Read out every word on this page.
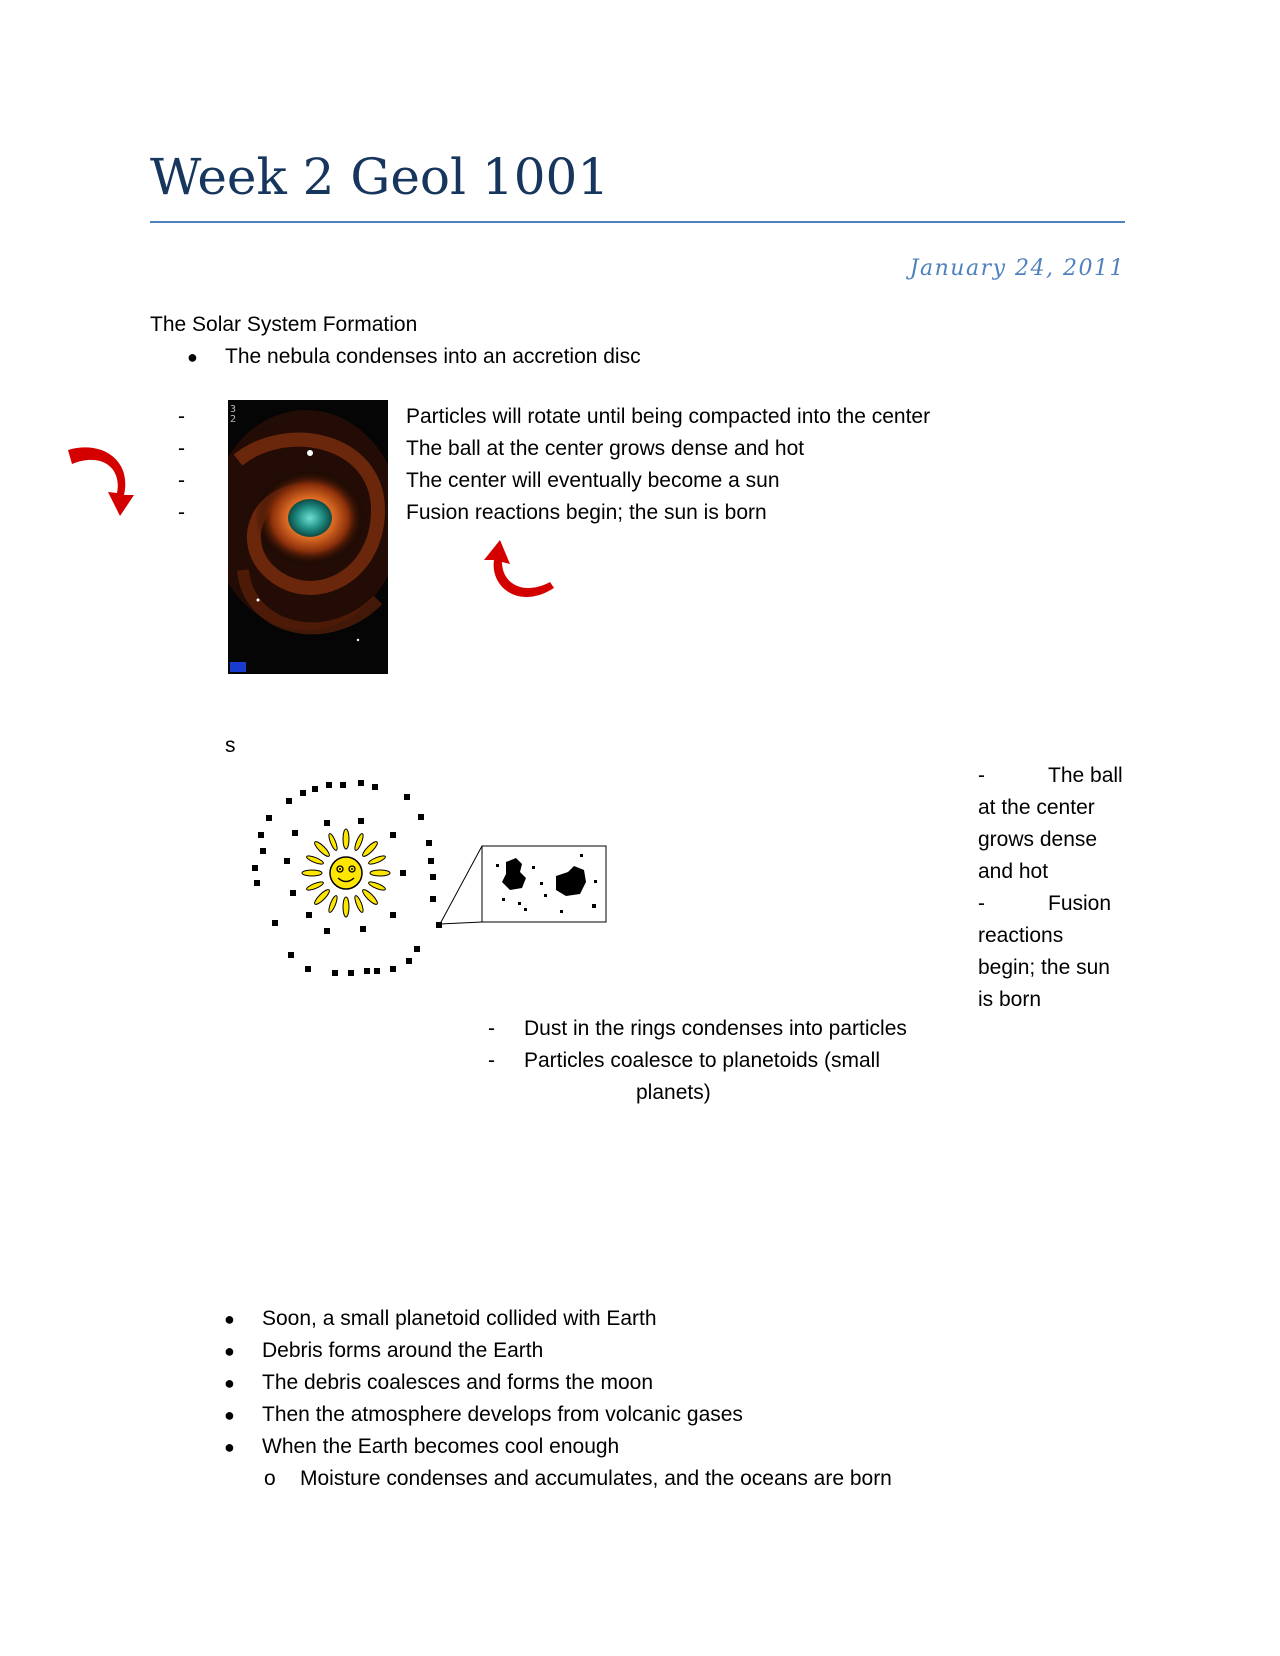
Week 2 Geol 1001
January 24, 2011
The Solar System Formation
● The nebula condenses into an accretion disc
-
-
-
-
Particles will rotate until being compacted into the center
The ball at the center grows dense and hot
The center will eventually become a sun
Fusion reactions begin; the sun is born
3
2
s
-	The ball
at the center
grows dense
and hot
-	Fusion
reactions
begin; the sun
is born
- Dust in the rings condenses into particles
- Particles coalesce to planetoids (small
planets)
● Soon, a small planetoid collided with Earth
● Debris forms around the Earth
● The debris coalesces and forms the moon
● Then the atmosphere develops from volcanic gases
● When the Earth becomes cool enough
o Moisture condenses and accumulates, and the oceans are born
